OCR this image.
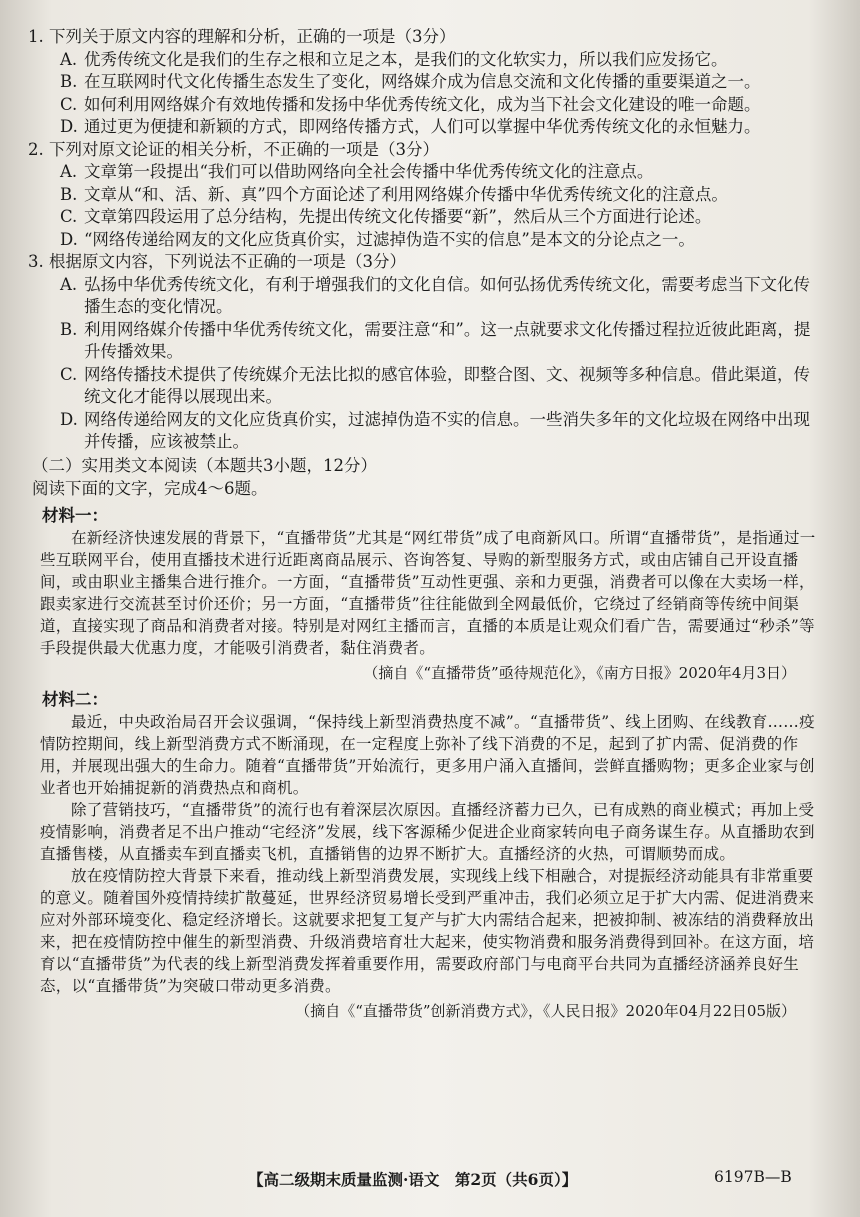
1. 下列关于原文内容的理解和分析，正确的一项是（3分）
A. 优秀传统文化是我们的生存之根和立足之本，是我们的文化软实力，所以我们应发扬它。
B. 在互联网时代文化传播生态发生了变化，网络媒介成为信息交流和文化传播的重要渠道之一。
C. 如何利用网络媒介有效地传播和发扬中华优秀传统文化，成为当下社会文化建设的唯一命题。
D. 通过更为便捷和新颖的方式，即网络传播方式，人们可以掌握中华优秀传统文化的永恒魅力。
2. 下列对原文论证的相关分析，不正确的一项是（3分）
A. 文章第一段提出“我们可以借助网络向全社会传播中华优秀传统文化的注意点。
B. 文章从“和、活、新、真”四个方面论述了利用网络媒介传播中华优秀传统文化的注意点。
C. 文章第四段运用了总分结构，先提出传统文化传播要“新”，然后从三个方面进行论述。
D. “网络传递给网友的文化应货真价实，过滤掉伪造不实的信息”是本文的分论点之一。
3. 根据原文内容，下列说法不正确的一项是（3分）
A. 弘扬中华优秀传统文化，有利于增强我们的文化自信。如何弘扬优秀传统文化，需要考虑当下文化传播生态的变化情况。
B. 利用网络媒介传播中华优秀传统文化，需要注意“和”。这一点就要求文化传播过程拉近彼此距离，提升传播效果。
C. 网络传播技术提供了传统媒介无法比拟的感官体验，即整合图、文、视频等多种信息。借此渠道，传统文化才能得以展现出来。
D. 网络传递给网友的文化应货真价实，过滤掉伪造不实的信息。一些消失多年的文化垃圾在网络中出现并传播，应该被禁止。
（二）实用类文本阅读（本题共3小题，12分）
阅读下面的文字，完成4～6题。
材料一：

在新经济快速发展的背景下，“直播带货”尤其是“网红带货”成了电商新风口。所谓“直播带货”，是指通过一些互联网平台，使用直播技术进行近距离商品展示、咨询答复、导购的新型服务方式，或由店铺自己开设直播间，或由职业主播集合进行推介。一方面，“直播带货”互动性更强、亲和力更强，消费者可以像在大卖场一样，跟卖家进行交流甚至讨价还价；另一方面，“直播带货”往往能做到全网最低价，它绕过了经销商等传统中间渠道，直接实现了商品和消费者对接。特别是对网红主播而言，直播的本质是让观众们看广告，需要通过“秒杀”等手段提供最大优惠力度，才能吸引消费者，黏住消费者。

（摘自《“直播带货”亟待规范化》，《南方日报》2020年4月3日）
材料二：

最近，中央政治局召开会议强调，“保持线上新型消费热度不减”。“直播带货”、线上团购、在线教育……疫情防控期间，线上新型消费方式不断涌现，在一定程度上弥补了线下消费的不足，起到了扩内需、促消费的作用，并展现出强大的生命力。随着“直播带货”开始流行，更多用户涌入直播间，尝鲜直播购物；更多企业家与创业者也开始捕捉新的消费热点和商机。

除了营销技巧，“直播带货”的流行也有着深层次原因。直播经济蓄力已久，已有成熟的商业模式；再加上受疫情影响，消费者足不出户推动“宅经济”发展，线下客源稀少促进企业商家转向电子商务谋生存。从直播助农到直播售楼，从直播卖车到直播卖飞机，直播销售的边界不断扩大。直播经济的火热，可谓顺势而成。

放在疫情防控大背景下来看，推动线上新型消费发展，实现线上线下相融合，对提振经济动能具有非常重要的意义。随着国外疫情持续扩散蔓延，世界经济贸易增长受到严重冲击，我们必须立足于扩大内需、促进消费来应对外部环境变化、稳定经济增长。这就要求把复工复产与扩大内需结合起来，把被抑制、被冻结的消费释放出来，把在疫情防控中催生的新型消费、升级消费培育壮大起来，使实物消费和服务消费得到回补。在这方面，培育以“直播带货”为代表的线上新型消费发挥着重要作用，需要政府部门与电商平台共同为直播经济涵养良好生态，以“直播带货”为突破口带动更多消费。

（摘自《“直播带货”创新消费方式》，《人民日报》2020年04月22日05版）
【高二级期末质量监测·语文　第2页（共6页）】	6197B—B
